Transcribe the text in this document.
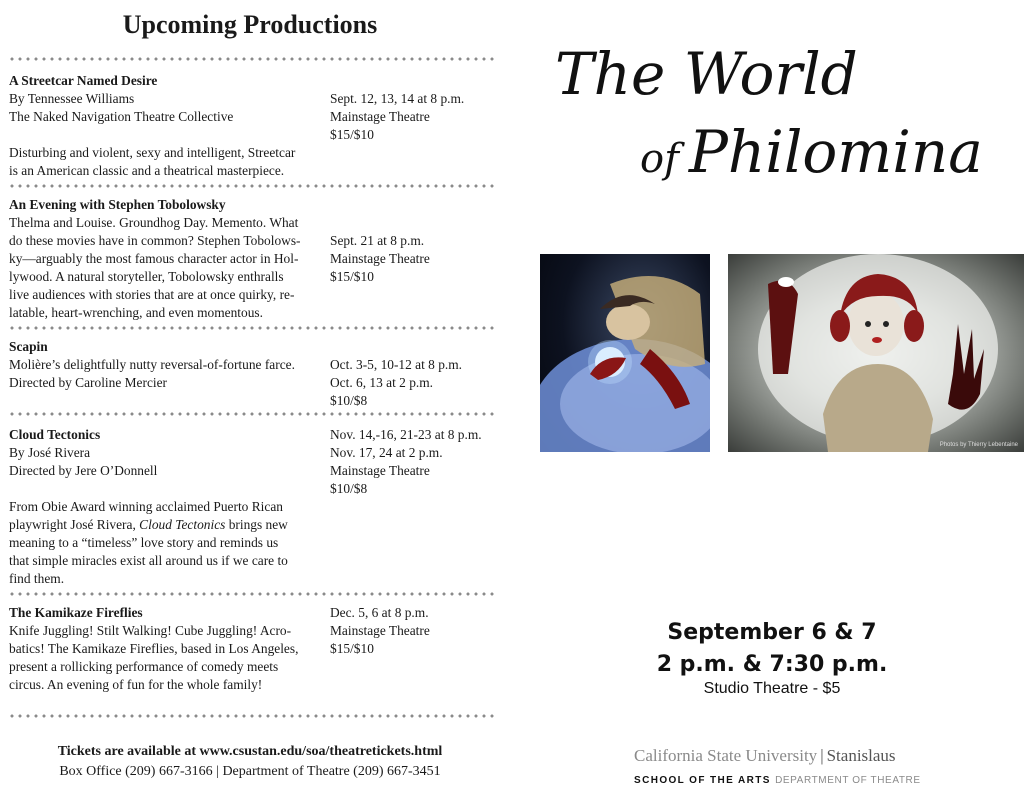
Upcoming Productions
A Streetcar Named Desire
By Tennessee Williams
The Naked Navigation Theatre Collective
Sept. 12, 13, 14 at 8 p.m.
Mainstage Theatre
$15/$10
Disturbing and violent, sexy and intelligent, Streetcar
is an American classic and a theatrical masterpiece.
An Evening with Stephen Tobolowsky
Thelma and Louise. Groundhog Day. Memento. What
do these movies have in common? Stephen Tobolows-
ky—arguably the most famous character actor in Hol-
lywood. A natural storyteller, Tobolowsky enthralls
live audiences with stories that are at once quirky, re-
latable, heart-wrenching, and even momentous.
Sept. 21 at 8 p.m.
Mainstage Theatre
$15/$10
Scapin
Molière’s delightfully nutty reversal-of-fortune farce.
Directed by Caroline Mercier
Oct. 3-5, 10-12 at 8 p.m.
Oct. 6, 13 at 2 p.m.
$10/$8
Cloud Tectonics
By José Rivera
Directed by Jere O’Donnell
Nov. 14,-16, 21-23 at 8 p.m.
Nov. 17, 24 at 2 p.m.
Mainstage Theatre
$10/$8
From Obie Award winning acclaimed Puerto Rican
playwright José Rivera, Cloud Tectonics brings new
meaning to a “timeless” love story and reminds us
that simple miracles exist all around us if we care to
find them.
The Kamikaze Fireflies
Knife Juggling! Stilt Walking! Cube Juggling! Acro-
batics! The Kamikaze Fireflies, based in Los Angeles,
present a rollicking performance of comedy meets
circus. An evening of fun for the whole family!
Dec. 5, 6 at 8 p.m.
Mainstage Theatre
$15/$10
Tickets are available at www.csustan.edu/soa/theatretickets.html
Box Office (209) 667-3166 | Department of Theatre (209) 667-3451
The World
of Philomina
Photos by Thierry Lebentaine
September 6 & 7
2 p.m. & 7:30 p.m.
Studio Theatre - $5
California State University | Stanislaus
SCHOOL OF THE ARTS DEPARTMENT OF THEATRE
